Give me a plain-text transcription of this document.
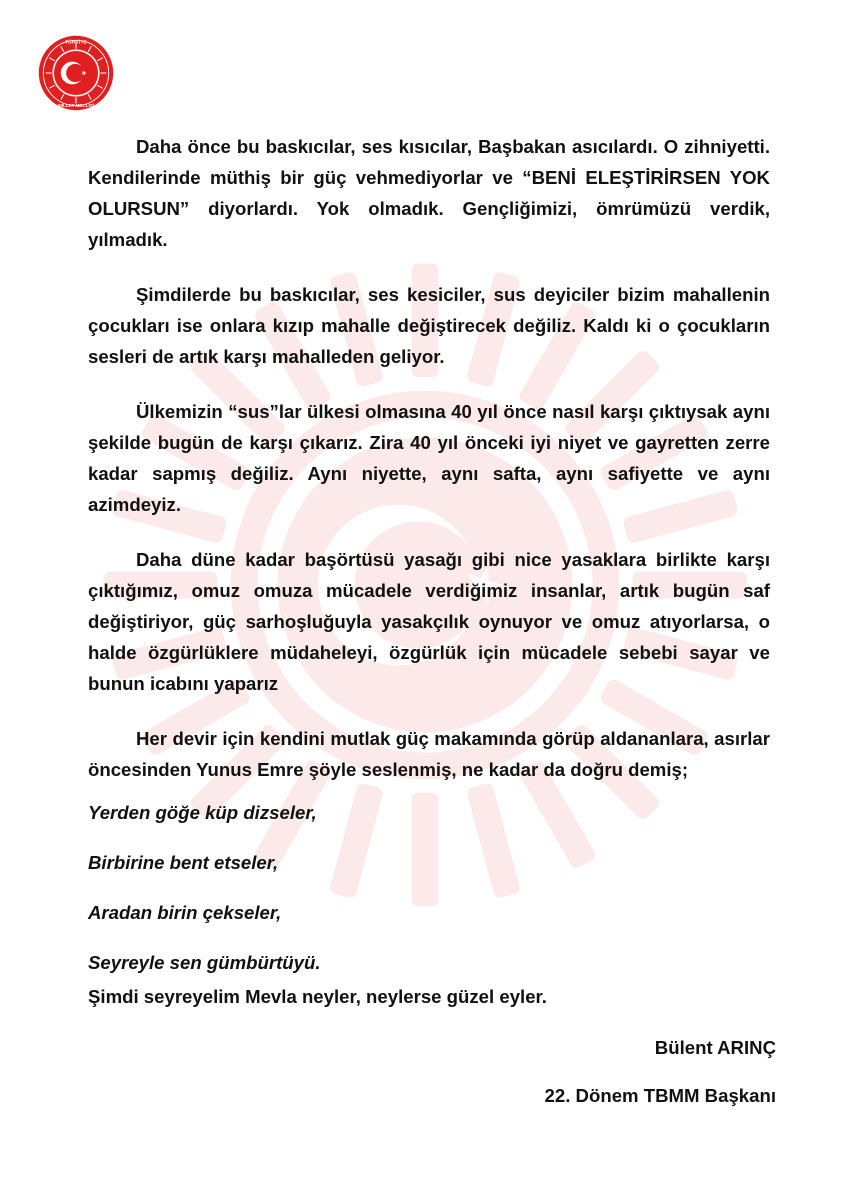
TÜRKİYE
MİLLET MECLİSİ

Daha önce bu baskıcılar, ses kısıcılar, Başbakan asıcılardı. O zihniyetti. Kendilerinde müthiş bir güç vehmediyorlar ve “BENİ ELEŞTİRİRSEN YOK OLURSUN” diyorlardı. Yok olmadık. Gençliğimizi, ömrümüzü verdik, yılmadık.

Şimdilerde bu baskıcılar, ses kesiciler, sus deyiciler bizim mahallenin çocukları ise onlara kızıp mahalle değiştirecek değiliz. Kaldı ki o çocukların sesleri de artık karşı mahalleden geliyor.

Ülkemizin “sus”lar ülkesi olmasına 40 yıl önce nasıl karşı çıktıysak aynı şekilde bugün de karşı çıkarız. Zira 40 yıl önceki iyi niyet ve gayretten zerre kadar sapmış değiliz. Aynı niyette, aynı safta, aynı safiyette ve aynı azimdeyiz.

Daha düne kadar başörtüsü yasağı gibi nice yasaklara birlikte karşı çıktığımız, omuz omuza mücadele verdiğimiz insanlar, artık bugün saf değiştiriyor, güç sarhoşluğuyla yasakçılık oynuyor ve omuz atıyorlarsa, o halde özgürlüklere müdaheleyi, özgürlük için mücadele sebebi sayar ve bunun icabını yaparız

Her devir için kendini mutlak güç makamında görüp aldananlara, asırlar öncesinden Yunus Emre şöyle seslenmiş, ne kadar da doğru demiş;

Yerden göğe küp dizseler,

Birbirine bent etseler,

Aradan birin çekseler,

Seyreyle sen gümbürtüyü.

Şimdi seyreyelim Mevla neyler, neylerse güzel eyler.
Bülent ARINÇ
22. Dönem TBMM Başkanı
